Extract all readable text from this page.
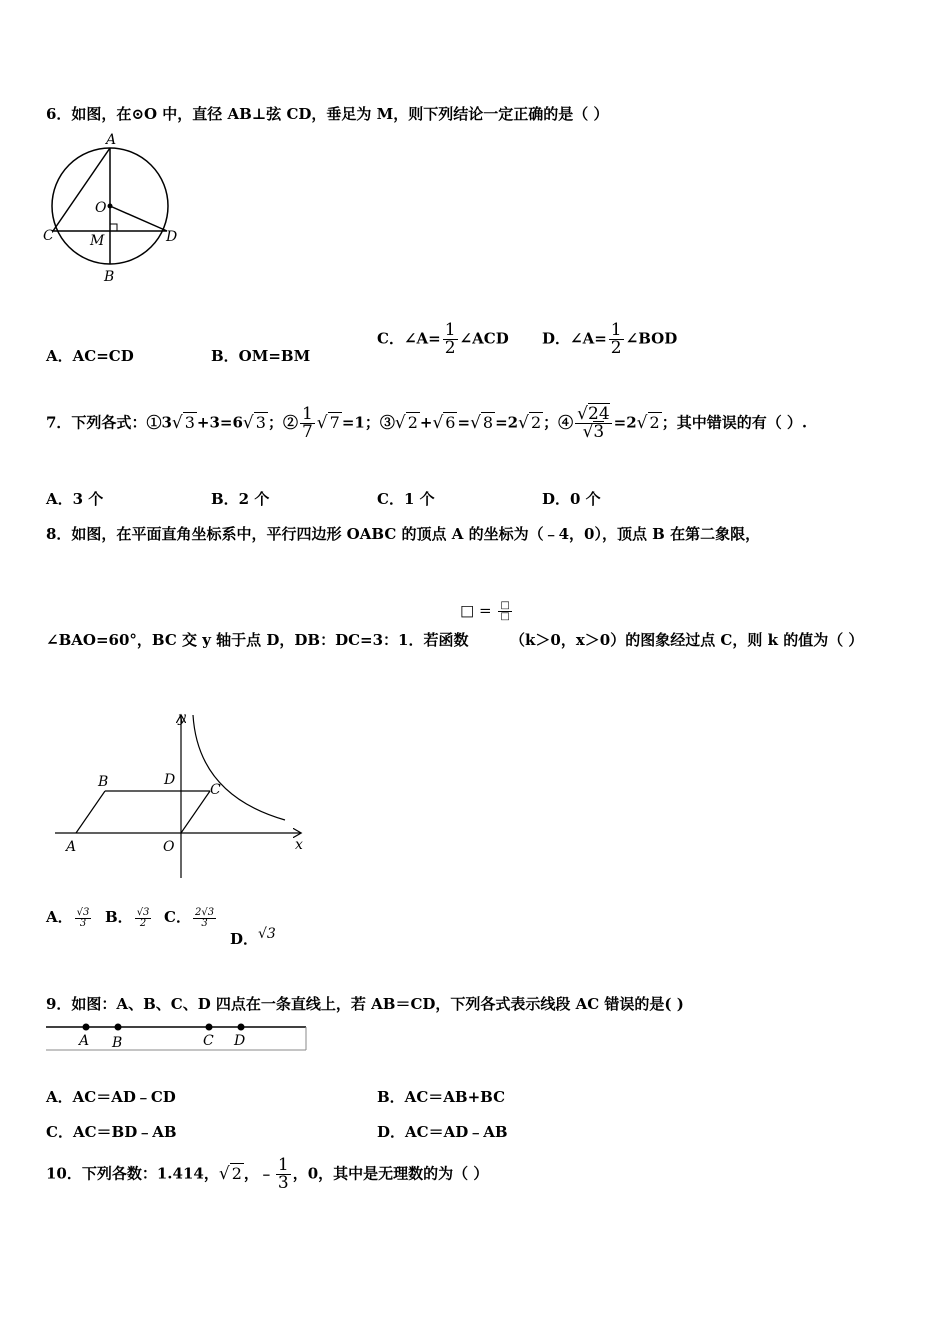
6．如图，在⊙O 中，直径 AB⊥弦 CD，垂足为 M，则下列结论一定正确的是（ ）
A
O
C	M	D
B
A．AC=CD	B．OM=BM
C．∠A= $\frac{1}{2}$ ∠ACD D．∠A= $\frac{1}{2}$ ∠BOD
7．下列各式：①3√ 3 +3=6√ 3 ；② $\frac{1}{7}$ √ 7 =1；③√ 2 +√ 6 =√ 8 =2√ 2 ；④ $\frac{√24}{√3} =2√$ 2 ；其中错误的有（ ）.
A．3 个	B．2 个	C．1 个	D．0 个
8．如图，在平面直角坐标系中，平行四边形 OABC 的顶点 A 的坐标为（﹣4，0），顶点 B 在第二象限，
∠BAO=60°，BC 交 y 轴于点 D，DB：DC=3：1．若函数
□ = $\frac{□}{□}$
（k＞0，x＞0）的图象经过点 C，则 k 的值为（ ）
y
B	D
C
A	O	x
A． $\frac{√3}{3}$ B． $\frac{√3}{2}$ C． $\frac{2√3}{3}$
D．√3
9．如图：A、B、C、D 四点在一条直线上，若 AB＝CD，下列各式表示线段 AC 错误的是( )
A B	C D
A．AC＝AD﹣CD	B．AC＝AB+BC
C．AC＝BD﹣AB	D．AC＝AD﹣AB
10．下列各数：1.414，√ 2 ，﹣ $\frac{1}{3}$ ，0，其中是无理数的为（ ）
